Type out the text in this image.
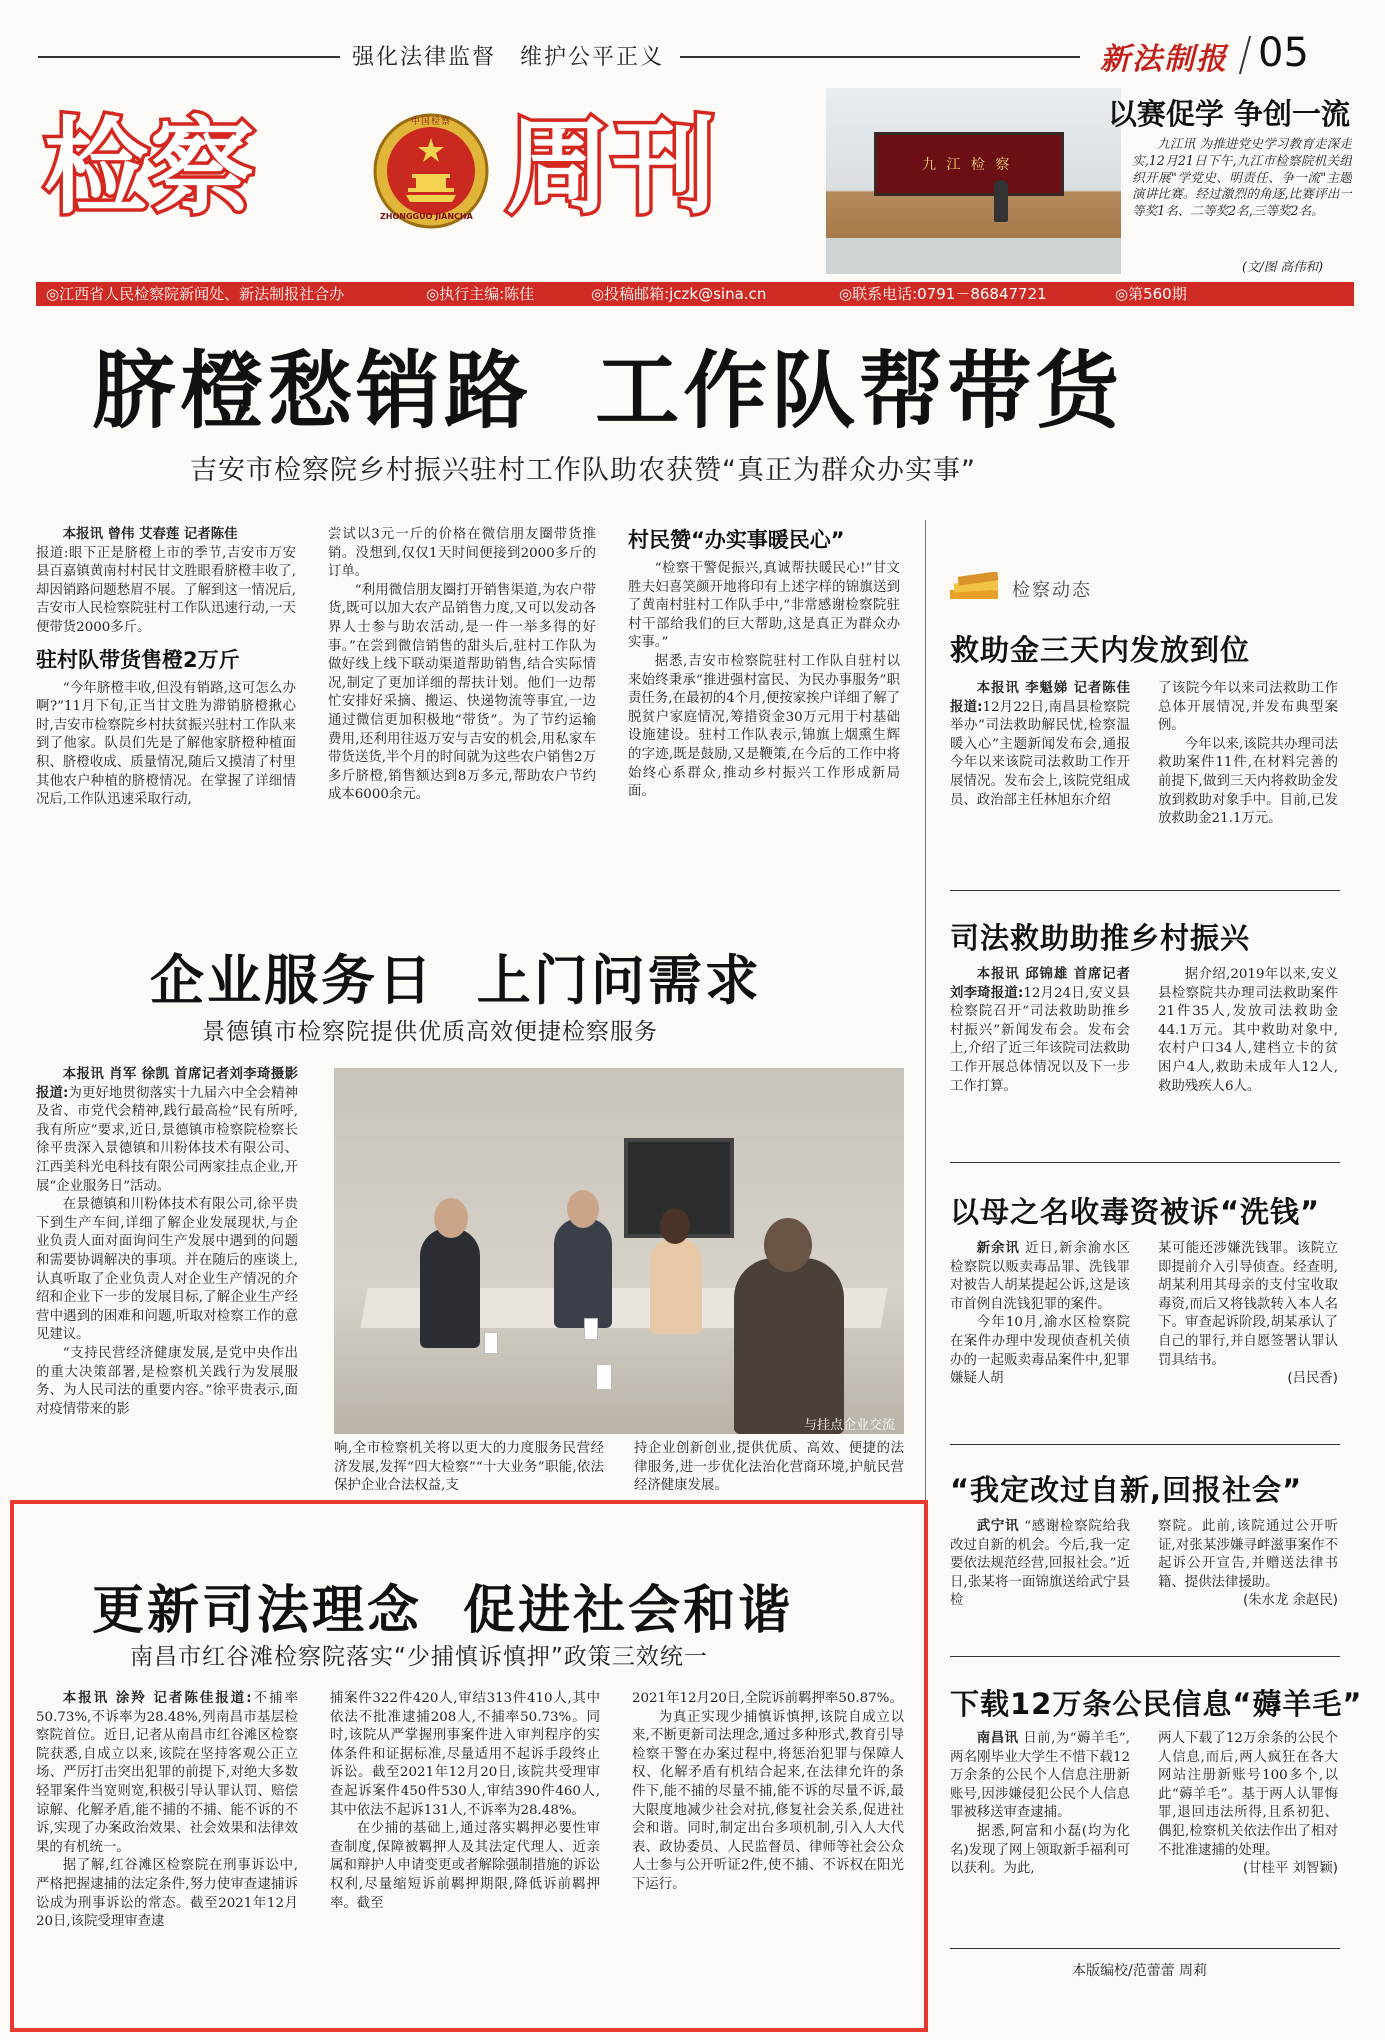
强化法律监督　维护公平正义	新法制报 05
检察	中国检察
ZHONGGUO JIANCHA 周刊	九 江 检 察
以赛促学 争创一流

九江讯 为推进党史学习教育走深走实,12月21日下午,九江市检察院机关组织开展"学党史、明责任、争一流"主题演讲比赛。经过激烈的角逐,比赛评出一等奖1名、二等奖2名,三等奖2名。

(文/图 高伟和)
◎江西省人民检察院新闻处、新法制报社合办	◎执行主编:陈佳	◎投稿邮箱:jczk@sina.cn	◎联系电话:0791－86847721	◎第560期
脐橙愁销路 工作队帮带货
吉安市检察院乡村振兴驻村工作队助农获赞“真正为群众办实事”

本报讯 曾伟 艾春莲 记者陈佳

报道:眼下正是脐橙上市的季节,吉安市万安县百嘉镇黄南村村民甘文胜眼看脐橙丰收了,却因销路问题愁眉不展。了解到这一情况后,吉安市人民检察院驻村工作队迅速行动,一天便带货2000多斤。
驻村队带货售橙2万斤

“今年脐橙丰收,但没有销路,这可怎么办啊?”11月下旬,正当甘文胜为滞销脐橙揪心时,吉安市检察院乡村扶贫振兴驻村工作队来到了他家。队员们先是了解他家脐橙种植面积、脐橙收成、质量情况,随后又摸清了村里其他农户种植的脐橙情况。在掌握了详细情况后,工作队迅速采取行动,

尝试以3元一斤的价格在微信朋友圈带货推销。没想到,仅仅1天时间便接到2000多斤的订单。

“利用微信朋友圈打开销售渠道,为农户带货,既可以加大农产品销售力度,又可以发动各界人士参与助农活动,是一件一举多得的好事。”在尝到微信销售的甜头后,驻村工作队为做好线上线下联动渠道帮助销售,结合实际情况,制定了更加详细的帮扶计划。他们一边帮忙安排好采摘、搬运、快递物流等事宜,一边通过微信更加积极地“带货”。为了节约运输费用,还利用往返万安与吉安的机会,用私家车带货送货,半个月的时间就为这些农户销售2万多斤脐橙,销售额达到8万多元,帮助农户节约成本6000余元。

村民赞“办实事暖民心”

“检察干警促振兴,真诚帮扶暖民心!”甘文胜夫妇喜笑颜开地将印有上述字样的锦旗送到了黄南村驻村工作队手中,“非常感谢检察院驻村干部给我们的巨大帮助,这是真正为群众办实事。”

据悉,吉安市检察院驻村工作队自驻村以来始终秉承“推进强村富民、为民办事服务”职责任务,在最初的4个月,便按家挨户详细了解了脱贫户家庭情况,筹措资金30万元用于村基础设施建设。驻村工作队表示,锦旗上烟熏生辉的字迹,既是鼓励,又是鞭策,在今后的工作中将始终心系群众,推动乡村振兴工作形成新局面。

企业服务日 上门问需求
景德镇市检察院提供优质高效便捷检察服务

本报讯 肖军 徐凯 首席记者刘李琦摄影报道:为更好地贯彻落实十九届六中全会精神及省、市党代会精神,践行最高检“民有所呼,我有所应”要求,近日,景德镇市检察院检察长徐平贵深入景德镇和川粉体技术有限公司、江西美科光电科技有限公司两家挂点企业,开展“企业服务日”活动。

在景德镇和川粉体技术有限公司,徐平贵下到生产车间,详细了解企业发展现状,与企业负责人面对面询问生产发展中遇到的问题和需要协调解决的事项。并在随后的座谈上,认真听取了企业负责人对企业生产情况的介绍和企业下一步的发展目标,了解企业生产经营中遇到的困难和问题,听取对检察工作的意见建议。

“支持民营经济健康发展,是党中央作出的重大决策部署,是检察机关践行为发展服务、为人民司法的重要内容。”徐平贵表示,面对疫情带来的影

与挂点企业交流
响,全市检察机关将以更大的力度服务民营经济发展,发挥“四大检察”“十大业务”职能,依法保护企业合法权益,支
持企业创新创业,提供优质、高效、便捷的法律服务,进一步优化法治化营商环境,护航民营经济健康发展。
更新司法理念 促进社会和谐
南昌市红谷滩检察院落实“少捕慎诉慎押”政策三效统一

本报讯 涂羚 记者陈佳报道:不捕率50.73%,不诉率为28.48%,列南昌市基层检察院首位。近日,记者从南昌市红谷滩区检察院获悉,自成立以来,该院在坚持客观公正立场、严厉打击突出犯罪的前提下,对绝大多数轻罪案件当宽则宽,积极引导认罪认罚、赔偿谅解、化解矛盾,能不捕的不捕、能不诉的不诉,实现了办案政治效果、社会效果和法律效果的有机统一。

据了解,红谷滩区检察院在刑事诉讼中,严格把握逮捕的法定条件,努力使审查逮捕诉讼成为刑事诉讼的常态。截至2021年12月20日,该院受理审查逮

捕案件322件420人,审结313件410人,其中依法不批准逮捕208人,不捕率50.73%。同时,该院从严掌握刑事案件进入审判程序的实体条件和证据标准,尽量适用不起诉手段终止诉讼。截至2021年12月20日,该院共受理审查起诉案件450件530人,审结390件460人,其中依法不起诉131人,不诉率为28.48%。

在少捕的基础上,通过落实羁押必要性审查制度,保障被羁押人及其法定代理人、近亲属和辩护人申请变更或者解除强制措施的诉讼权利,尽量缩短诉前羁押期限,降低诉前羁押率。截至

2021年12月20日,全院诉前羁押率50.87%。

为真正实现少捕慎诉慎押,该院自成立以来,不断更新司法理念,通过多种形式,教育引导检察干警在办案过程中,将惩治犯罪与保障人权、化解矛盾有机结合起来,在法律允许的条件下,能不捕的尽量不捕,能不诉的尽量不诉,最大限度地减少社会对抗,修复社会关系,促进社会和谐。同时,制定出台多项机制,引入人大代表、政协委员、人民监督员、律师等社会公众人士参与公开听证2件,使不捕、不诉权在阳光下运行。

检察动态
救助金三天内发放到位

本报讯 李魁娣 记者陈佳报道:12月22日,南昌县检察院举办“司法救助解民忧,检察温暖入心”主题新闻发布会,通报今年以来该院司法救助工作开展情况。发布会上,该院党组成员、政治部主任林旭东介绍

了该院今年以来司法救助工作总体开展情况,并发布典型案例。

今年以来,该院共办理司法救助案件11件,在材料完善的前提下,做到三天内将救助金发放到救助对象手中。目前,已发放救助金21.1万元。

司法救助助推乡村振兴

本报讯 邱锦雄 首席记者刘李琦报道:12月24日,安义县检察院召开“司法救助助推乡村振兴”新闻发布会。发布会上,介绍了近三年该院司法救助工作开展总体情况以及下一步工作打算。

据介绍,2019年以来,安义县检察院共办理司法救助案件21件35人,发放司法救助金44.1万元。其中救助对象中,农村户口34人,建档立卡的贫困户4人,救助未成年人12人,救助残疾人6人。

以母之名收毒资被诉“洗钱”

新余讯 近日,新余渝水区检察院以贩卖毒品罪、洗钱罪对被告人胡某提起公诉,这是该市首例自洗钱犯罪的案件。

今年10月,渝水区检察院在案件办理中发现侦查机关侦办的一起贩卖毒品案件中,犯罪嫌疑人胡

某可能还涉嫌洗钱罪。该院立即提前介入引导侦查。经查明,胡某利用其母亲的支付宝收取毒资,而后又将钱款转入本人名下。审查起诉阶段,胡某承认了自己的罪行,并自愿签署认罪认罚具结书。
(吕民香)
“我定改过自新,回报社会”

武宁讯 “感谢检察院给我改过自新的机会。今后,我一定要依法规范经营,回报社会。”近日,张某将一面锦旗送给武宁县检

察院。此前,该院通过公开听证,对张某涉嫌寻衅滋事案作不起诉公开宣告,并赠送法律书籍、提供法律援助。
(朱水龙 余赵民)
下载12万条公民信息“薅羊毛”

南昌讯 日前,为“薅羊毛”,两名刚毕业大学生不惜下载12万余条的公民个人信息注册新账号,因涉嫌侵犯公民个人信息罪被移送审查逮捕。

据悉,阿富和小磊(均为化名)发现了网上领取新手福利可以获利。为此,

两人下载了12万余条的公民个人信息,而后,两人疯狂在各大网站注册新账号100多个,以此“薅羊毛”。基于两人认罪悔罪,退回违法所得,且系初犯、偶犯,检察机关依法作出了相对不批准逮捕的处理。
(甘桂平 刘智颖)
本版编校/范蕾蕾 周莉
